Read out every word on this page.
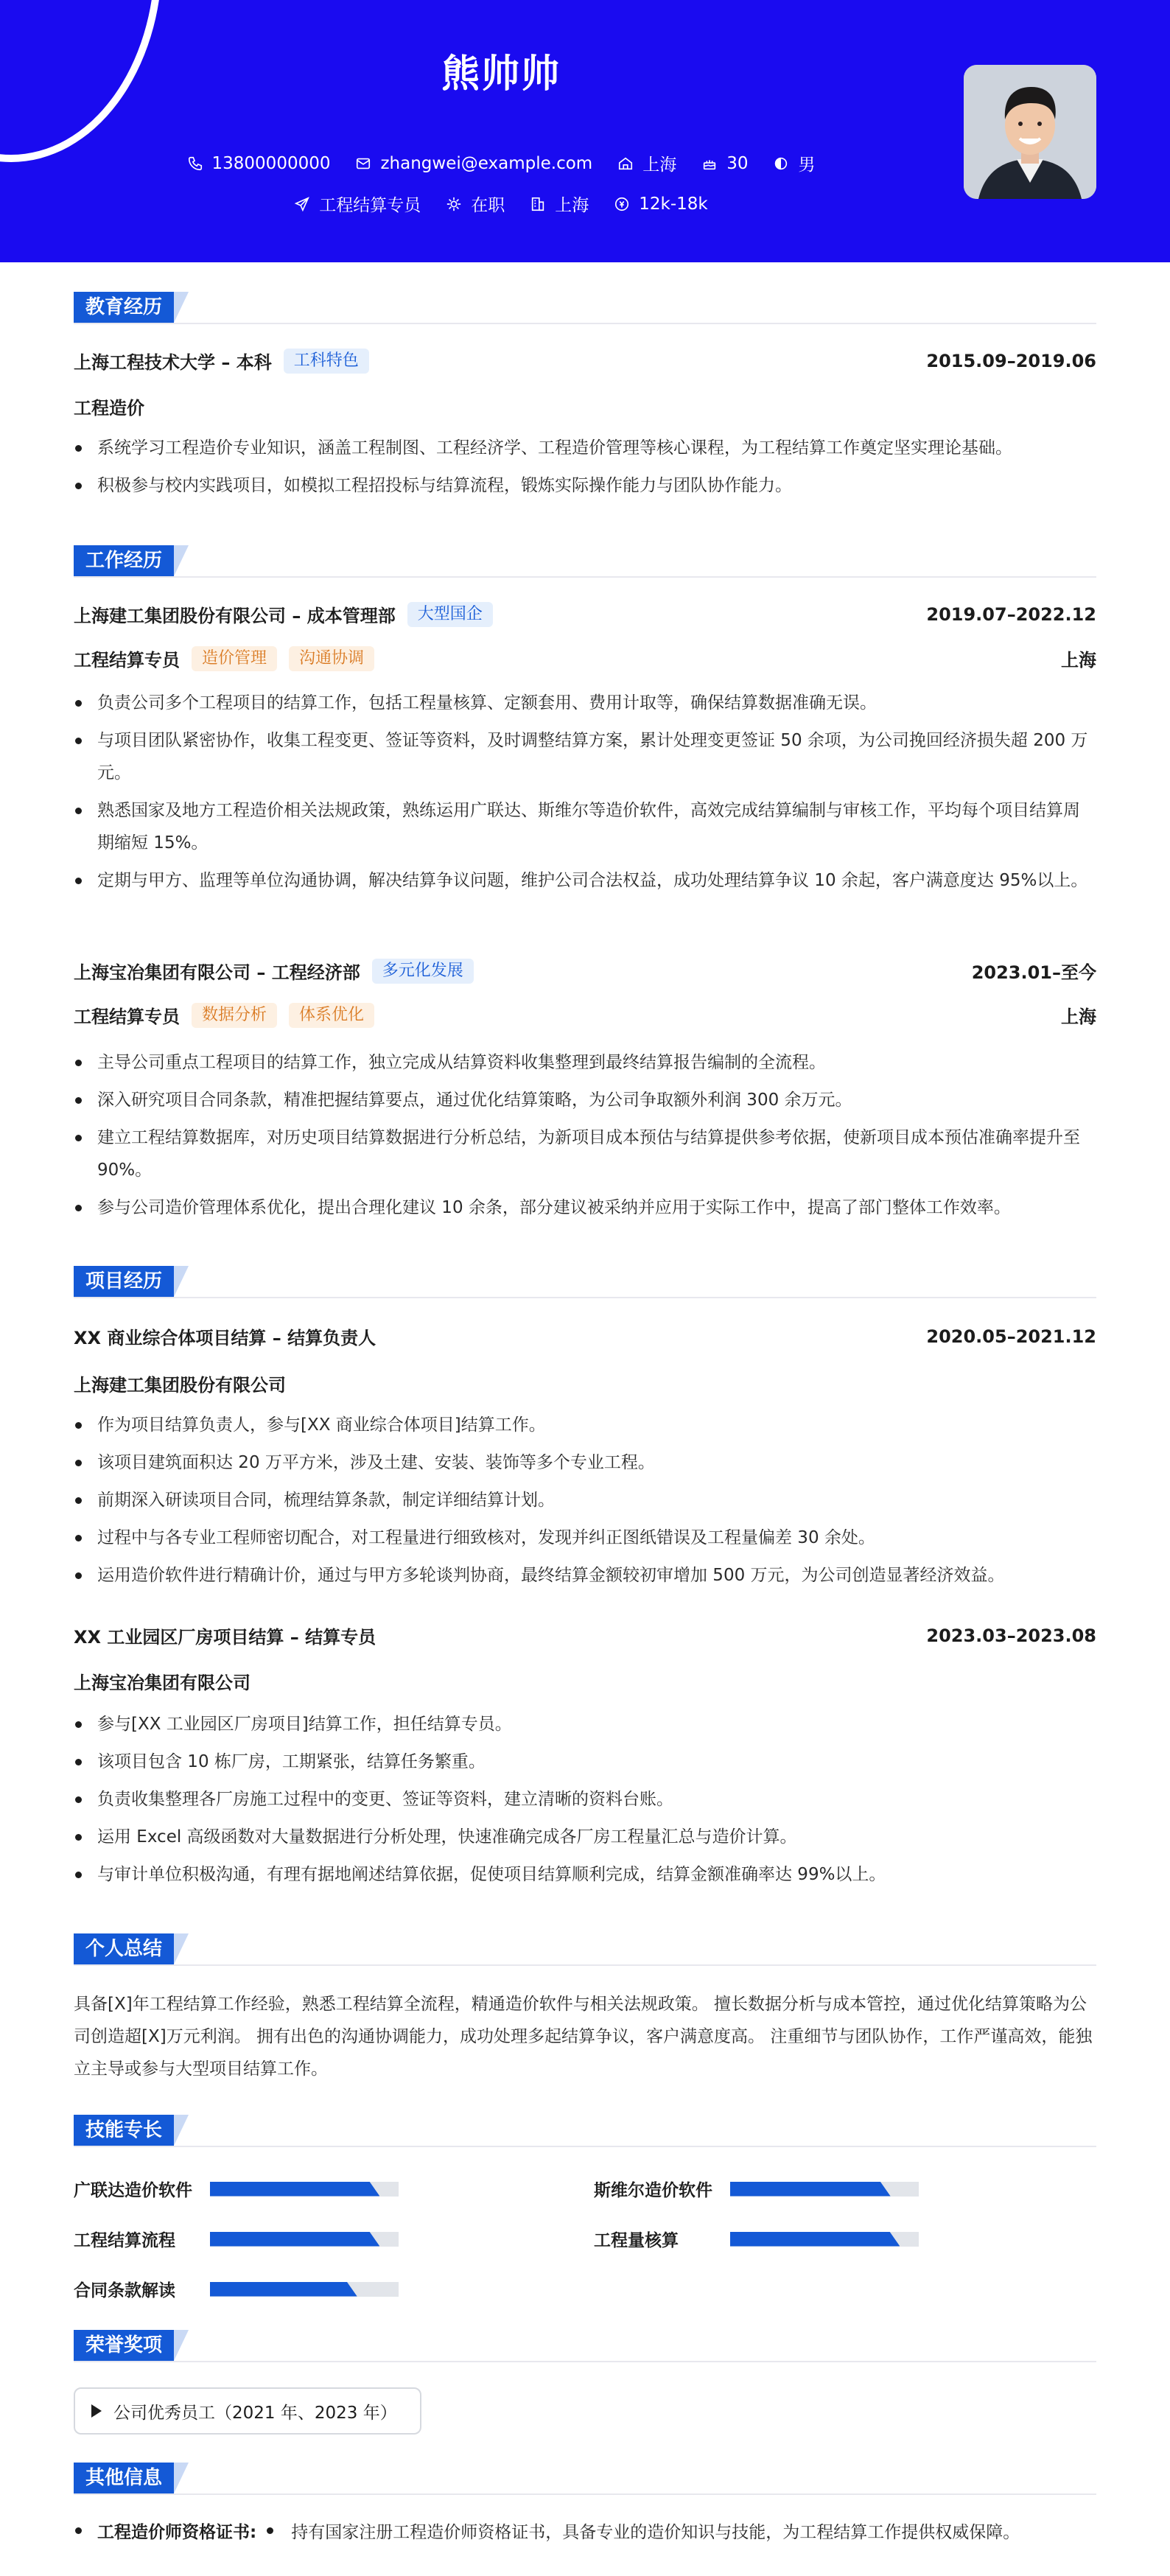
熊帅帅
13800000000	zhangwei@example.com	上海	30	男
工程结算专员	在职	上海	12k-18k
教育经历
上海工程技术大学 – 本科	工科特色	2015.09–2019.06
工程造价
系统学习工程造价专业知识，涵盖工程制图、工程经济学、工程造价管理等核心课程，为工程结算工作奠定坚实理论基础。
积极参与校内实践项目，如模拟工程招投标与结算流程，锻炼实际操作能力与团队协作能力。
工作经历
上海建工集团股份有限公司 – 成本管理部	大型国企	2019.07–2022.12
工程结算专员	造价管理	沟通协调	上海
负责公司多个工程项目的结算工作，包括工程量核算、定额套用、费用计取等，确保结算数据准确无误。
与项目团队紧密协作，收集工程变更、签证等资料，及时调整结算方案，累计处理变更签证 50 余项，为公司挽回经济损失超 200 万元。
熟悉国家及地方工程造价相关法规政策，熟练运用广联达、斯维尔等造价软件，高效完成结算编制与审核工作，平均每个项目结算周期缩短 15%。
定期与甲方、监理等单位沟通协调，解决结算争议问题，维护公司合法权益，成功处理结算争议 10 余起，客户满意度达 95%以上。
上海宝冶集团有限公司 – 工程经济部	多元化发展	2023.01–至今
工程结算专员	数据分析	体系优化	上海
主导公司重点工程项目的结算工作，独立完成从结算资料收集整理到最终结算报告编制的全流程。
深入研究项目合同条款，精准把握结算要点，通过优化结算策略，为公司争取额外利润 300 余万元。
建立工程结算数据库，对历史项目结算数据进行分析总结，为新项目成本预估与结算提供参考依据，使新项目成本预估准确率提升至 90%。
参与公司造价管理体系优化，提出合理化建议 10 余条，部分建议被采纳并应用于实际工作中，提高了部门整体工作效率。
项目经历
XX 商业综合体项目结算 – 结算负责人	2020.05–2021.12
上海建工集团股份有限公司
作为项目结算负责人，参与[XX 商业综合体项目]结算工作。
该项目建筑面积达 20 万平方米，涉及土建、安装、装饰等多个专业工程。
前期深入研读项目合同，梳理结算条款，制定详细结算计划。
过程中与各专业工程师密切配合，对工程量进行细致核对，发现并纠正图纸错误及工程量偏差 30 余处。
运用造价软件进行精确计价，通过与甲方多轮谈判协商，最终结算金额较初审增加 500 万元，为公司创造显著经济效益。
XX 工业园区厂房项目结算 – 结算专员	2023.03–2023.08
上海宝冶集团有限公司
参与[XX 工业园区厂房项目]结算工作，担任结算专员。
该项目包含 10 栋厂房，工期紧张，结算任务繁重。
负责收集整理各厂房施工过程中的变更、签证等资料，建立清晰的资料台账。
运用 Excel 高级函数对大量数据进行分析处理，快速准确完成各厂房工程量汇总与造价计算。
与审计单位积极沟通，有理有据地阐述结算依据，促使项目结算顺利完成，结算金额准确率达 99%以上。
个人总结
具备[X]年工程结算工作经验，熟悉工程结算全流程，精通造价软件与相关法规政策。 擅长数据分析与成本管控，通过优化结算策略为公司创造超[X]万元利润。 拥有出色的沟通协调能力，成功处理多起结算争议，客户满意度高。 注重细节与团队协作，工作严谨高效，能独立主导或参与大型项目结算工作。
技能专长
广联达造价软件	斯维尔造价软件
工程结算流程	工程量核算
合同条款解读
荣誉奖项
公司优秀员工（2021 年、2023 年）
其他信息
工程造价师资格证书: 持有国家注册工程造价师资格证书，具备专业的造价知识与技能，为工程结算工作提供权威保障。
